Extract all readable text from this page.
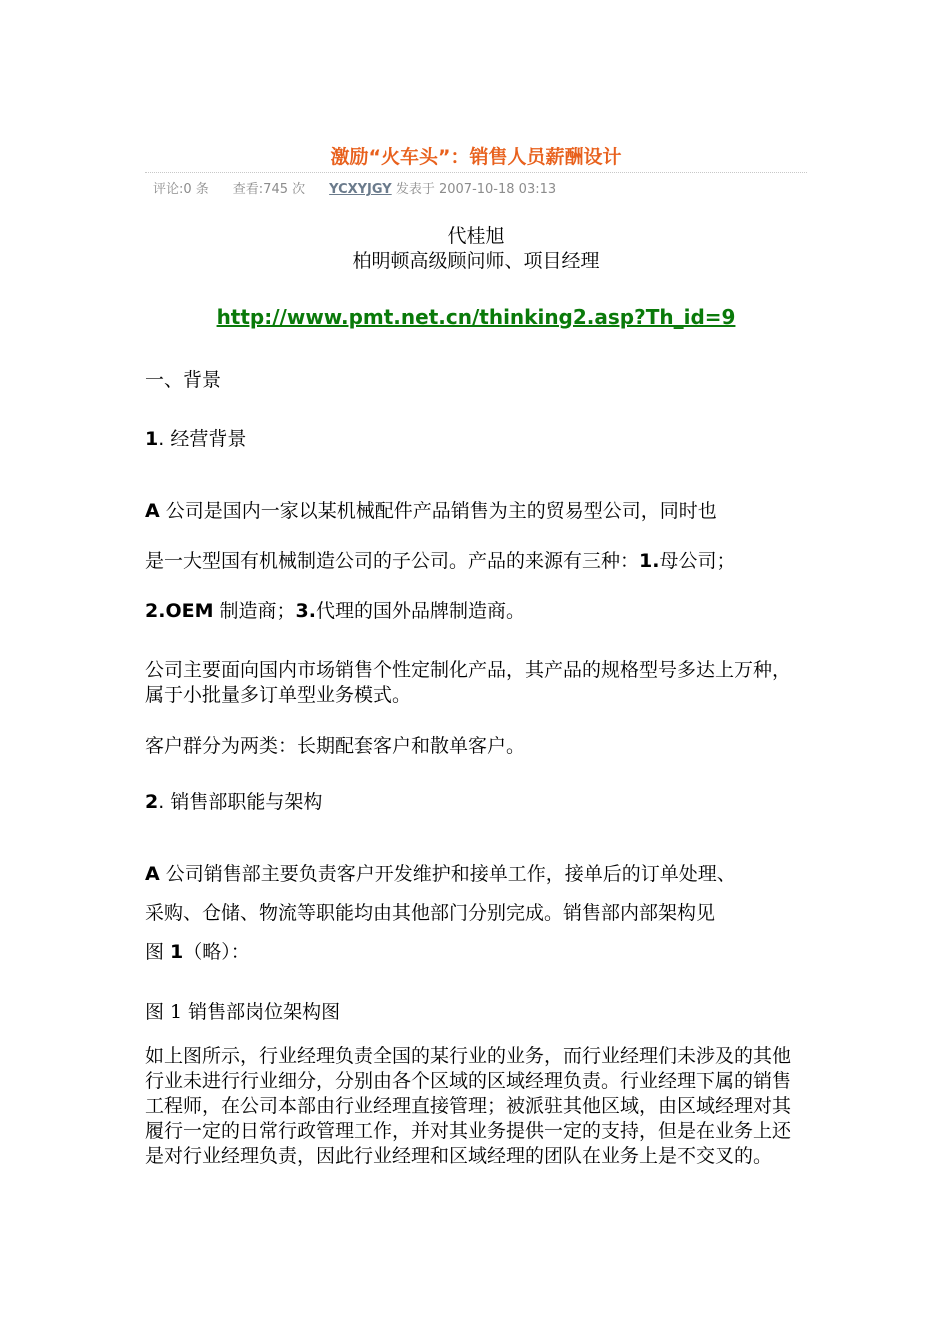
激励“火车头”：销售人员薪酬设计
评论:0 条 查看:745 次 YCXYJGY 发表于 2007-10-18 03:13
代桂旭
柏明顿高级顾问师、项目经理
http://www.pmt.net.cn/thinking2.asp?Th_id=9
一、背景
1. 经营背景
A 公司是国内一家以某机械配件产品销售为主的贸易型公司，同时也
是一大型国有机械制造公司的子公司。产品的来源有三种：1.母公司；
2.OEM 制造商；3.代理的国外品牌制造商。
公司主要面向国内市场销售个性定制化产品，其产品的规格型号多达上万种，属于小批量多订单型业务模式。
客户群分为两类：长期配套客户和散单客户。
2. 销售部职能与架构
A 公司销售部主要负责客户开发维护和接单工作，接单后的订单处理、
采购、仓储、物流等职能均由其他部门分别完成。销售部内部架构见
图 1（略）：
图 1 销售部岗位架构图
如上图所示，行业经理负责全国的某行业的业务，而行业经理们未涉及的其他行业未进行行业细分，分别由各个区域的区域经理负责。行业经理下属的销售工程师，在公司本部由行业经理直接管理；被派驻其他区域，由区域经理对其履行一定的日常行政管理工作，并对其业务提供一定的支持，但是在业务上还是对行业经理负责，因此行业经理和区域经理的团队在业务上是不交叉的。
